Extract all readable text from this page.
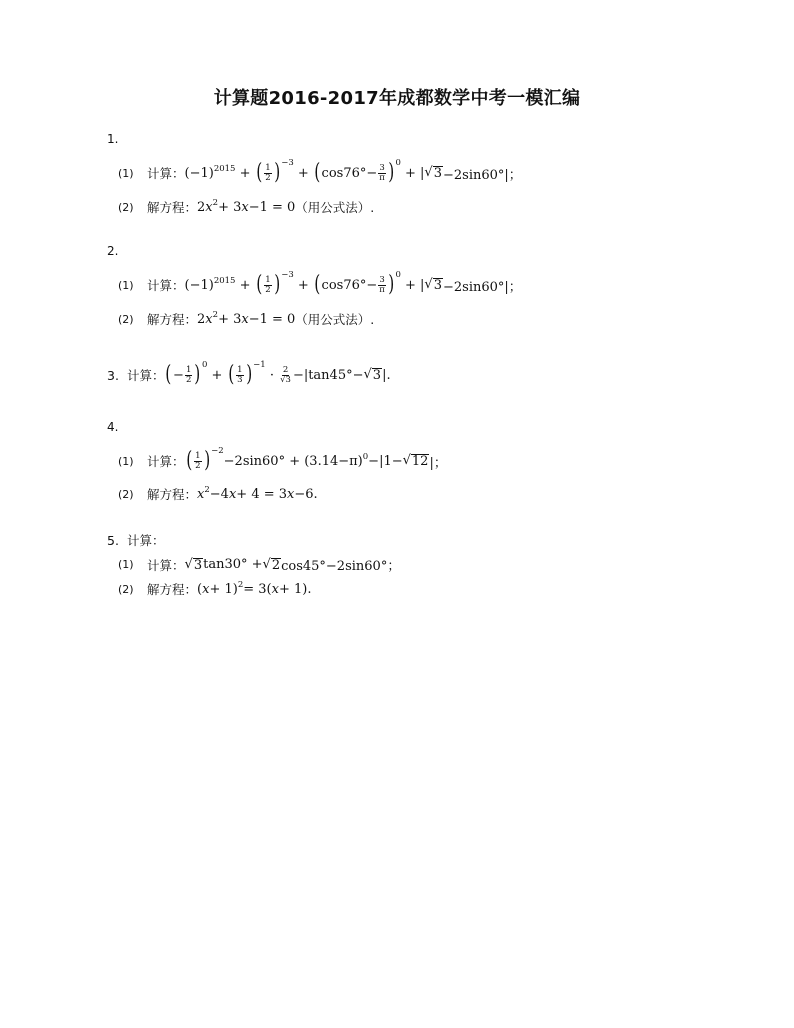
计算题2016-2017年成都数学中考一模汇编
1.
(1)	计算： $(-1)^{2015}$ + ( $\frac{1}{2} )^{-3}$
+ ( $\cos 76^\circ- \frac{3}{\pi} )^0$
+ | √ 3 −2sin60°|；
(2)	解方程： 2 $x^2 + 3$ x −1 = 0 （用公式法）.
2.
(1)	计算： $(-1)^{2015}$ + ( $\frac{1}{2} )^{-3}$
+ ( $\cos 76^\circ- \frac{3}{\pi} )^0$
+ | √ 3 −2sin60°|；
(2)	解方程： 2 $x^2 + 3$ x −1 = 0 （用公式法）.
3. 计算： ( − $\frac{1}{2} )^0$
+ ( $\frac{1}{3} )^{-1}$
· $\frac{2}{√3} -|\tan 45^\circ-$ √ 3 |.
4.
(1)	计算： ( $\frac{1}{2} )^{-2}$
$-2\sin 60^\circ + (3.14-\pi)^0 -|1-$ √ 12 |；
(2)	解方程： $x^2 -4$ x + 4 = 3 x −6.
5. 计算：
(1)	计算： √ 3 tan30° + √ 2 cos45°−2sin60°；
(2)	解方程： ( x + 1)$^2$ = 3( x + 1).
